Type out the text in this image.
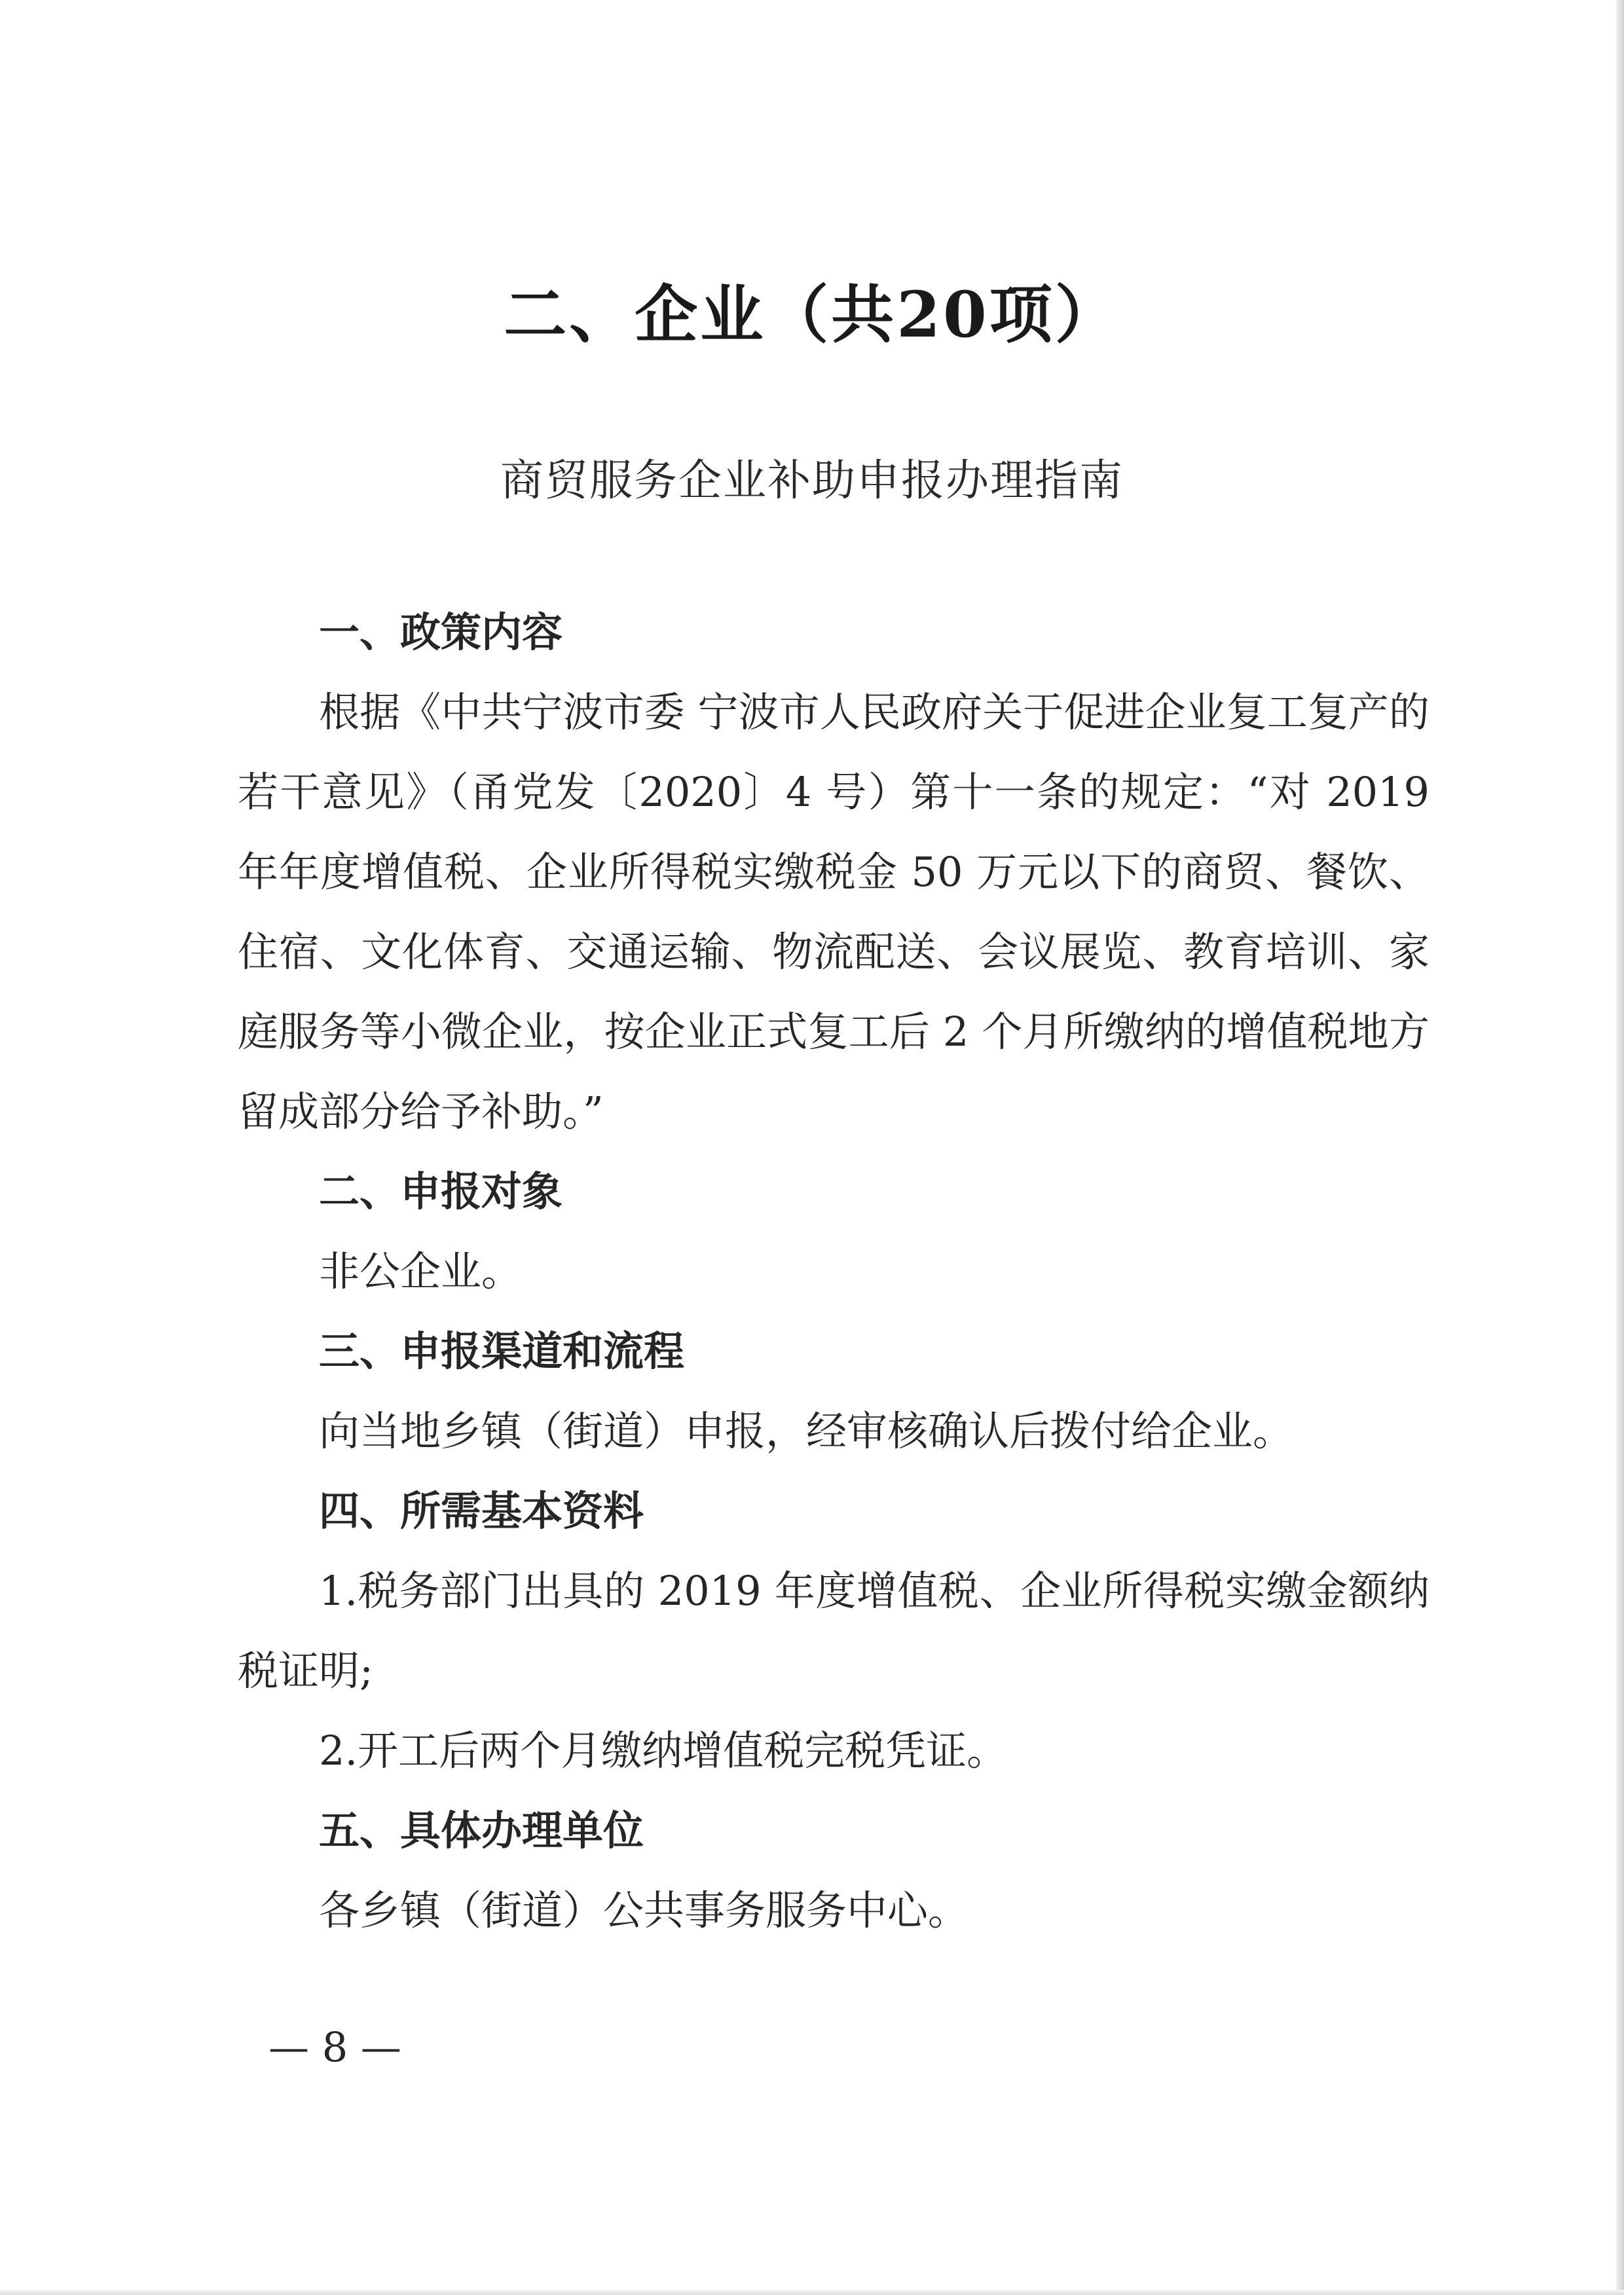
二、企业（共20项）
商贸服务企业补助申报办理指南

一、政策内容

根据《中共宁波市委 宁波市人民政府关于促进企业复工复产的若干意见》（甬党发〔2020〕4 号）第十一条的规定：“对 2019年年度增值税、企业所得税实缴税金 50 万元以下的商贸、餐饮、住宿、文化体育、交通运输、物流配送、会议展览、教育培训、家庭服务等小微企业，按企业正式复工后 2 个月所缴纳的增值税地方留成部分给予补助。”

二、申报对象

非公企业。

三、申报渠道和流程

向当地乡镇（街道）申报，经审核确认后拨付给企业。

四、所需基本资料

1.税务部门出具的 2019 年度增值税、企业所得税实缴金额纳税证明;

2.开工后两个月缴纳增值税完税凭证。

五、具体办理单位

各乡镇（街道）公共事务服务中心。

— 8 —
